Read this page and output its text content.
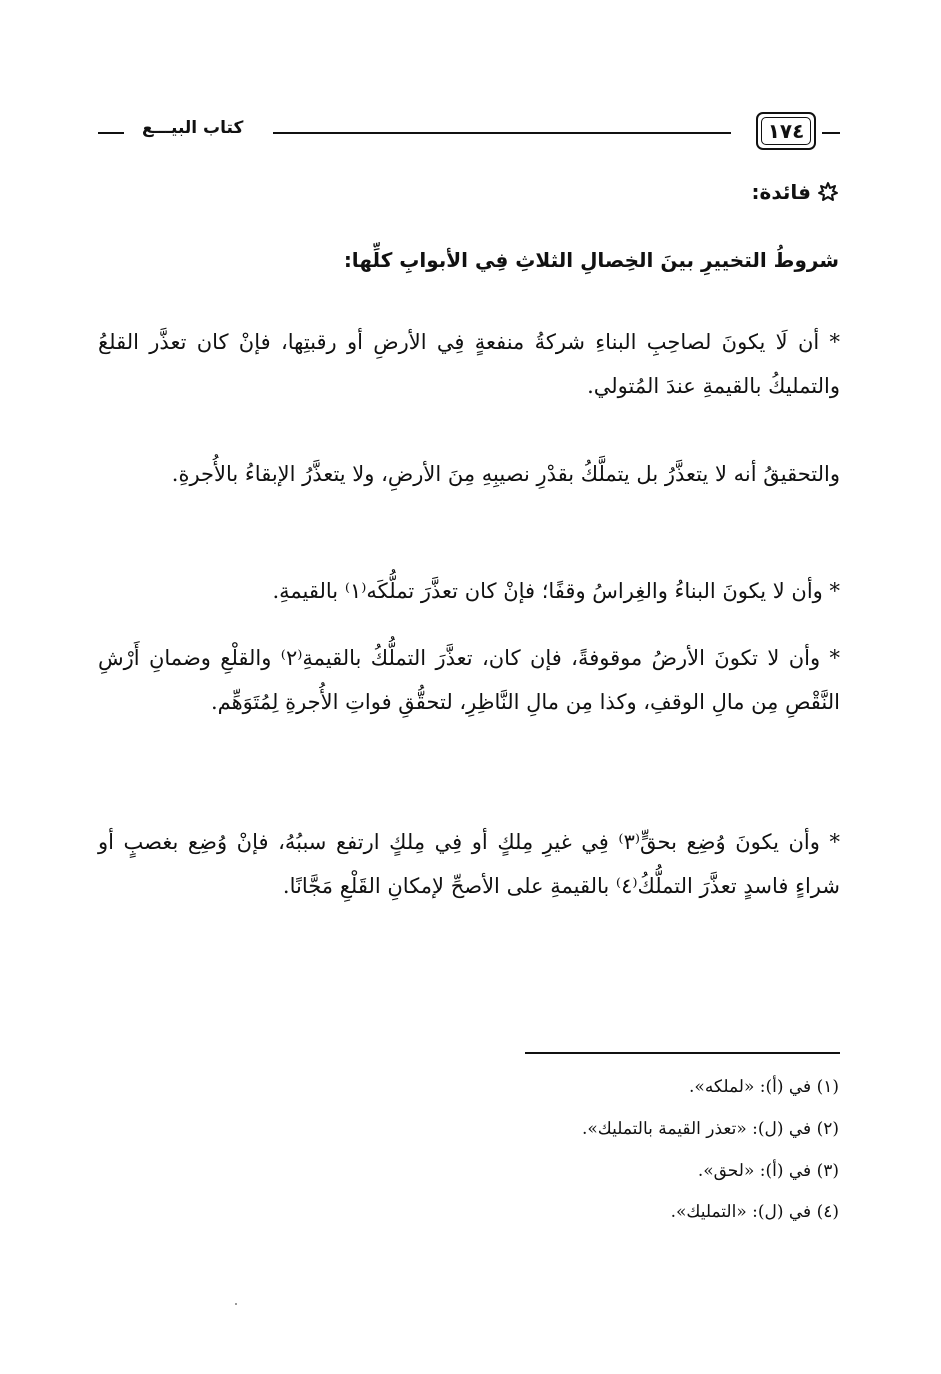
كتاب البيـــع	١٧٤
فائدة:
شروطُ التخييرِ بينَ الخِصالِ الثلاثِ فِي الأبوابِ كلِّها:
* أن لَا يكونَ لصاحِبِ البناءِ شركةُ منفعةٍ فِي الأرضِ أو رقبتِها، فإنْ كان تعذَّر القلعُ والتمليكُ بالقيمةِ عندَ المُتولي.
والتحقيقُ أنه لا يتعذَّرُ بل يتملَّكُ بقدْرِ نصيبِهِ مِنَ الأرضِ، ولا يتعذَّرُ الإبقاءُ بالأُجرةِ.
* وأن لا يكونَ البناءُ والغِراسُ وقفًا؛ فإنْ كان تعذَّرَ تملُّكَه⁽١⁾ بالقيمةِ.
* وأن لا تكونَ الأرضُ موقوفةً، فإن كان، تعذَّرَ التملُّكُ بالقيمةِ⁽٢⁾ والقلْعِ وضمانِ أَرْشِ النَّقْصِ مِن مالِ الوقفِ، وكذا مِن مالِ النَّاظِرِ، لتحقُّقِ فواتِ الأُجرةِ لِمُتَوَهِّم.
* وأن يكونَ وُضِع بحقٍّ⁽٣⁾ فِي غيرِ مِلكٍ أو فِي مِلكٍ ارتفع سببُهُ، فإنْ وُضِع بغصبٍ أو شراءٍ فاسدٍ تعذَّرَ التملُّكُ⁽٤⁾ بالقيمةِ على الأصحِّ لإمكانِ القَلْعِ مَجَّانًا.
(١) في (أ): «لملكه».
(٢) في (ل): «تعذر القيمة بالتمليك».
(٣) في (أ): «لحق».
(٤) في (ل): «التمليك».
